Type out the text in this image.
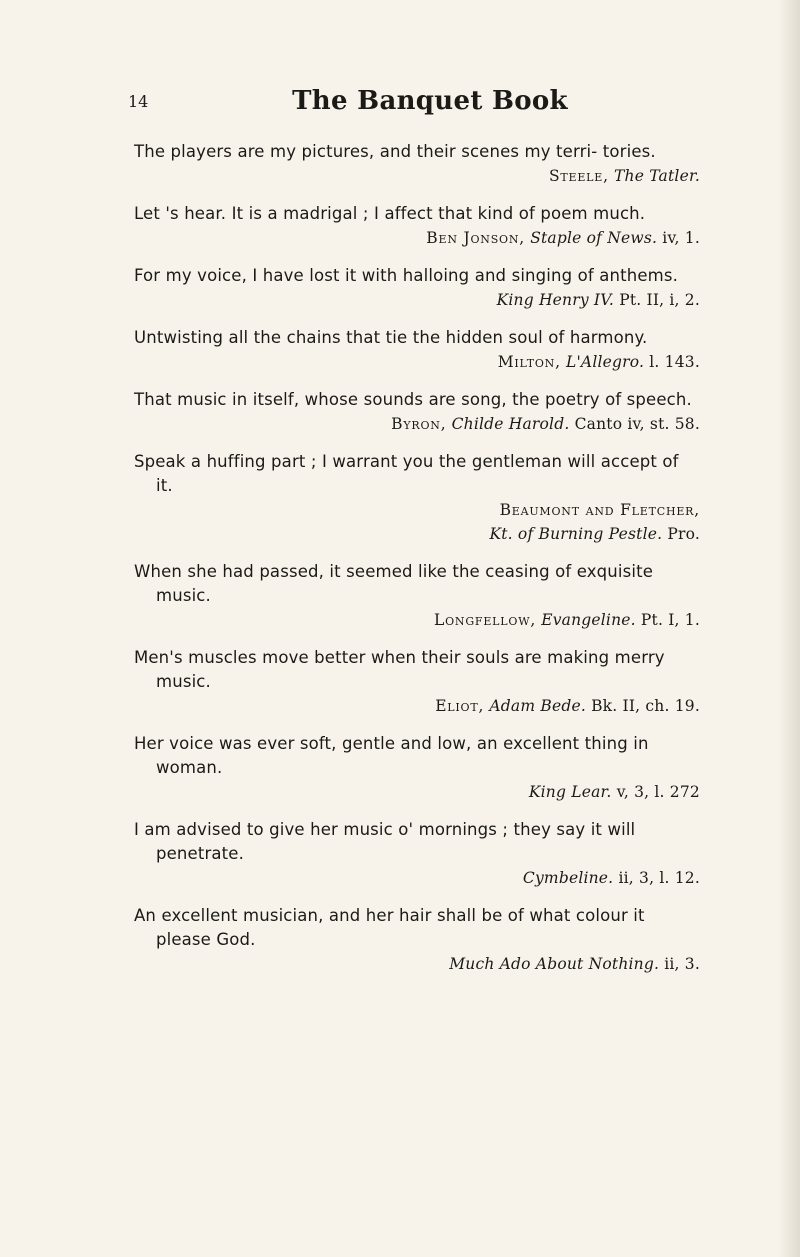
14	The Banquet Book
The players are my pictures, and their scenes my terri- tories.
Steele, The Tatler.
Let 's hear. It is a madrigal ; I affect that kind of poem much.
Ben Jonson, Staple of News. iv, 1.
For my voice, I have lost it with halloing and singing of anthems.
King Henry IV. Pt. II, i, 2.
Untwisting all the chains that tie the hidden soul of harmony.
Milton, L'Allegro. l. 143.
That music in itself, whose sounds are song, the poetry of speech.
Byron, Childe Harold. Canto iv, st. 58.
Speak a huffing part ; I warrant you the gentleman will accept of it.
Beaumont and Fletcher,
Kt. of Burning Pestle. Pro.
When she had passed, it seemed like the ceasing of exquisite music.
Longfellow, Evangeline. Pt. I, 1.
Men's muscles move better when their souls are making merry music.
Eliot, Adam Bede. Bk. II, ch. 19.
Her voice was ever soft, gentle and low, an excellent thing in woman.
King Lear. v, 3, l. 272
I am advised to give her music o' mornings ; they say it will penetrate.
Cymbeline. ii, 3, l. 12.
An excellent musician, and her hair shall be of what colour it please God.
Much Ado About Nothing. ii, 3.
